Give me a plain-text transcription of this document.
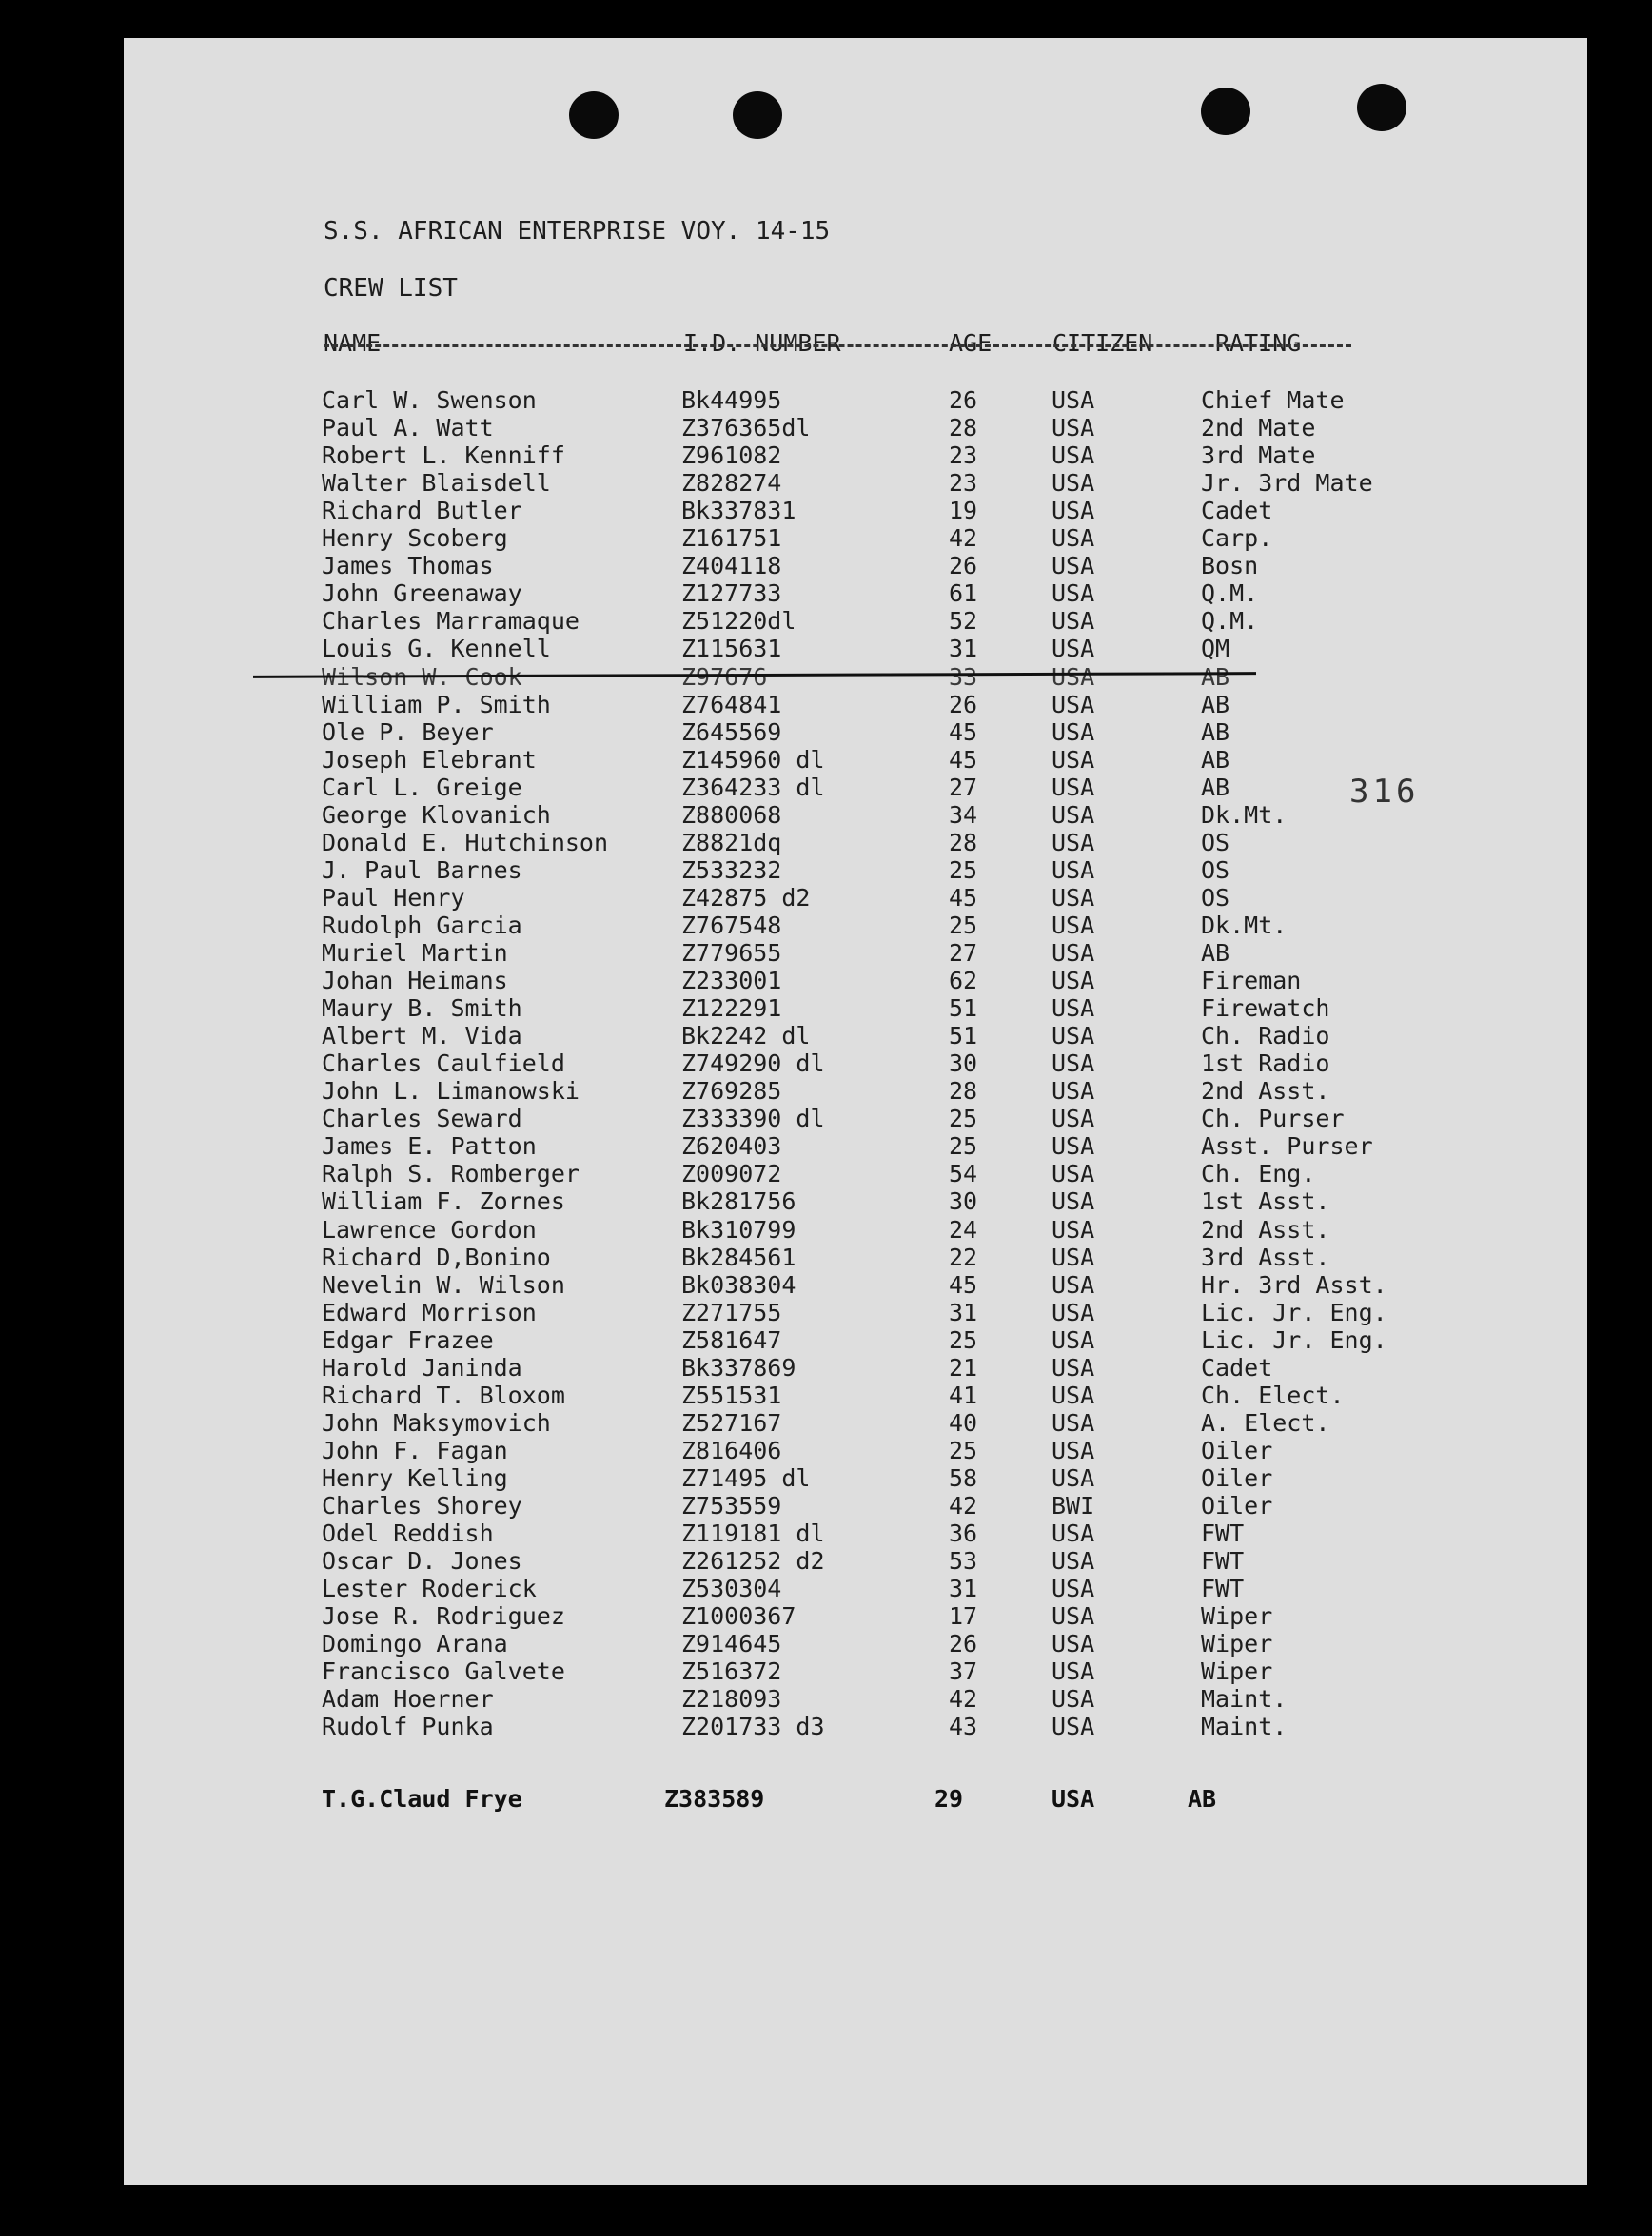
S.S. AFRICAN ENTERPRISE VOY. 14-15
CREW LIST
NAME	I.D. NUMBER	AGE	CITIZEN	RATING
Carl W. Swenson	Bk44995	26	USA	Chief Mate
Paul A. Watt	Z376365dl	28	USA	2nd Mate
Robert L. Kenniff	Z961082	23	USA	3rd Mate
Walter Blaisdell	Z828274	23	USA	Jr. 3rd Mate
Richard Butler	Bk337831	19	USA	Cadet
Henry Scoberg	Z161751	42	USA	Carp.
James Thomas	Z404118	26	USA	Bosn
John Greenaway	Z127733	61	USA	Q.M.
Charles Marramaque	Z51220dl	52	USA	Q.M.
Louis G. Kennell	Z115631	31	USA	QM
Wilson W. Cook	Z97676	33	USA	AB
William P. Smith	Z764841	26	USA	AB
Ole P. Beyer	Z645569	45	USA	AB
Joseph Elebrant	Z145960 dl	45	USA	AB
Carl L. Greige	Z364233 dl	27	USA	AB
George Klovanich	Z880068	34	USA	Dk.Mt.
Donald E. Hutchinson	Z8821dq	28	USA	OS
J. Paul Barnes	Z533232	25	USA	OS
Paul Henry	Z42875 d2	45	USA	OS
Rudolph Garcia	Z767548	25	USA	Dk.Mt.
Muriel Martin	Z779655	27	USA	AB
Johan Heimans	Z233001	62	USA	Fireman
Maury B. Smith	Z122291	51	USA	Firewatch
Albert M. Vida	Bk2242 dl	51	USA	Ch. Radio
Charles Caulfield	Z749290 dl	30	USA	1st Radio
John L. Limanowski	Z769285	28	USA	2nd Asst.
Charles Seward	Z333390 dl	25	USA	Ch. Purser
James E. Patton	Z620403	25	USA	Asst. Purser
Ralph S. Romberger	Z009072	54	USA	Ch. Eng.
William F. Zornes	Bk281756	30	USA	1st Asst.
Lawrence Gordon	Bk310799	24	USA	2nd Asst.
Richard D,Bonino	Bk284561	22	USA	3rd Asst.
Nevelin W. Wilson	Bk038304	45	USA	Hr. 3rd Asst.
Edward Morrison	Z271755	31	USA	Lic. Jr. Eng.
Edgar Frazee	Z581647	25	USA	Lic. Jr. Eng.
Harold Janinda	Bk337869	21	USA	Cadet
Richard T. Bloxom	Z551531	41	USA	Ch. Elect.
John Maksymovich	Z527167	40	USA	A. Elect.
John F. Fagan	Z816406	25	USA	Oiler
Henry Kelling	Z71495 dl	58	USA	Oiler
Charles Shorey	Z753559	42	BWI	Oiler
Odel Reddish	Z119181 dl	36	USA	FWT
Oscar D. Jones	Z261252 d2	53	USA	FWT
Lester Roderick	Z530304	31	USA	FWT
Jose R. Rodriguez	Z1000367	17	USA	Wiper
Domingo Arana	Z914645	26	USA	Wiper
Francisco Galvete	Z516372	37	USA	Wiper
Adam Hoerner	Z218093	42	USA	Maint.
Rudolf Punka	Z201733 d3	43	USA	Maint.
316
T.G.Claud Frye	Z383589	29	USA	AB
